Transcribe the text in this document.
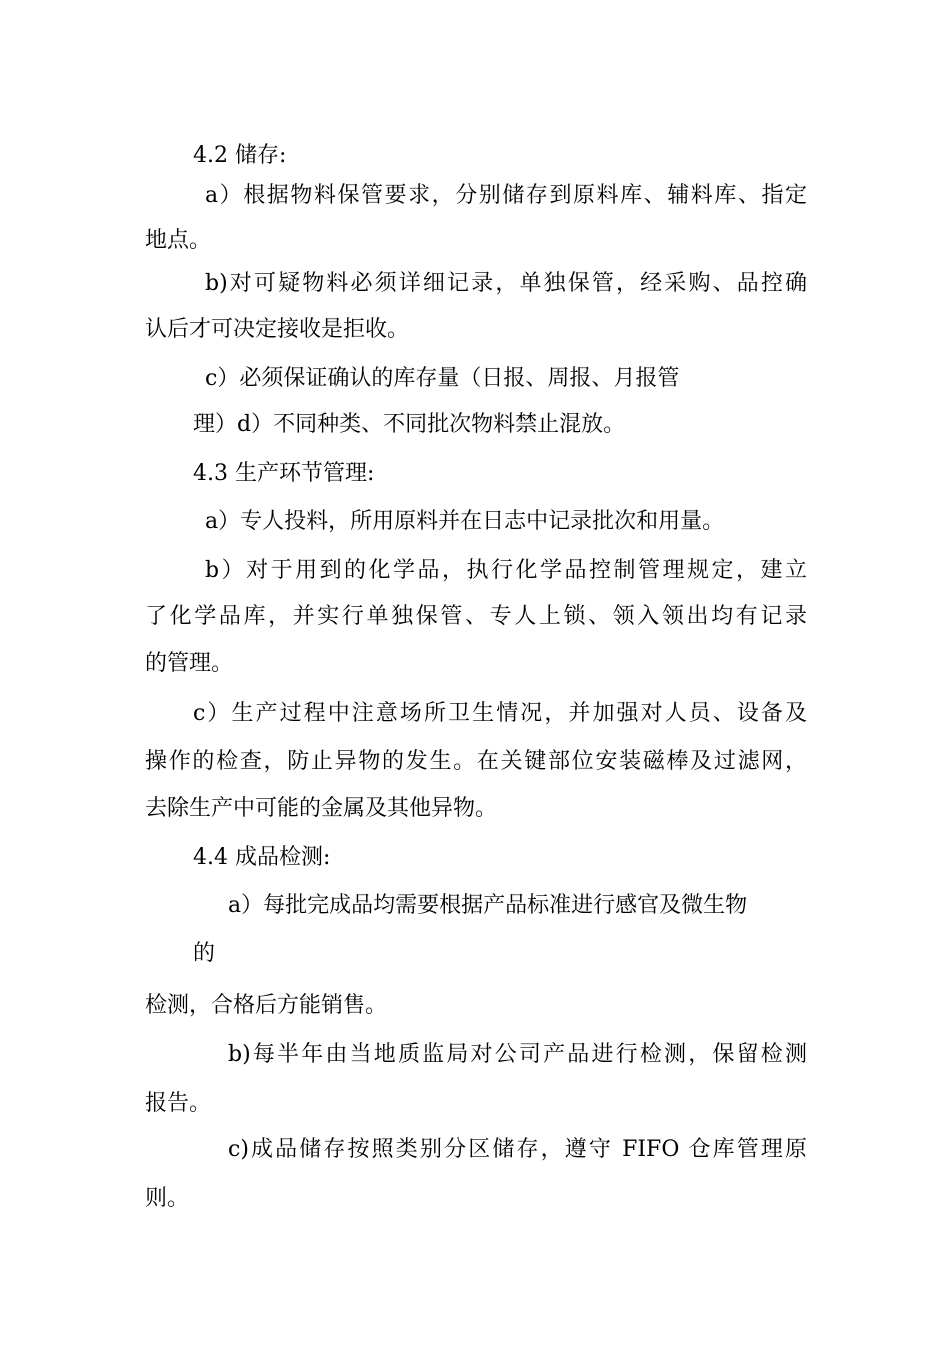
4.2 储存:

a）根据物料保管要求，分别储存到原料库、辅料库、指定

地点。

b)对可疑物料必须详细记录，单独保管，经采购、品控确

认后才可决定接收是拒收。

c）必须保证确认的库存量（日报、周报、月报管

理）d）不同种类、不同批次物料禁止混放。

4.3 生产环节管理:

a）专人投料，所用原料并在日志中记录批次和用量。

b）对于用到的化学品，执行化学品控制管理规定，建立

了化学品库，并实行单独保管、专人上锁、领入领出均有记录

的管理。

c）生产过程中注意场所卫生情况，并加强对人员、设备及

操作的检查，防止异物的发生。在关键部位安装磁棒及过滤网，

去除生产中可能的金属及其他异物。

4.4 成品检测:

a）每批完成品均需要根据产品标准进行感官及微生物

的

检测，合格后方能销售。

b)每半年由当地质监局对公司产品进行检测，保留检测

报告。

c)成品储存按照类别分区储存，遵守 FIFO 仓库管理原

则。
